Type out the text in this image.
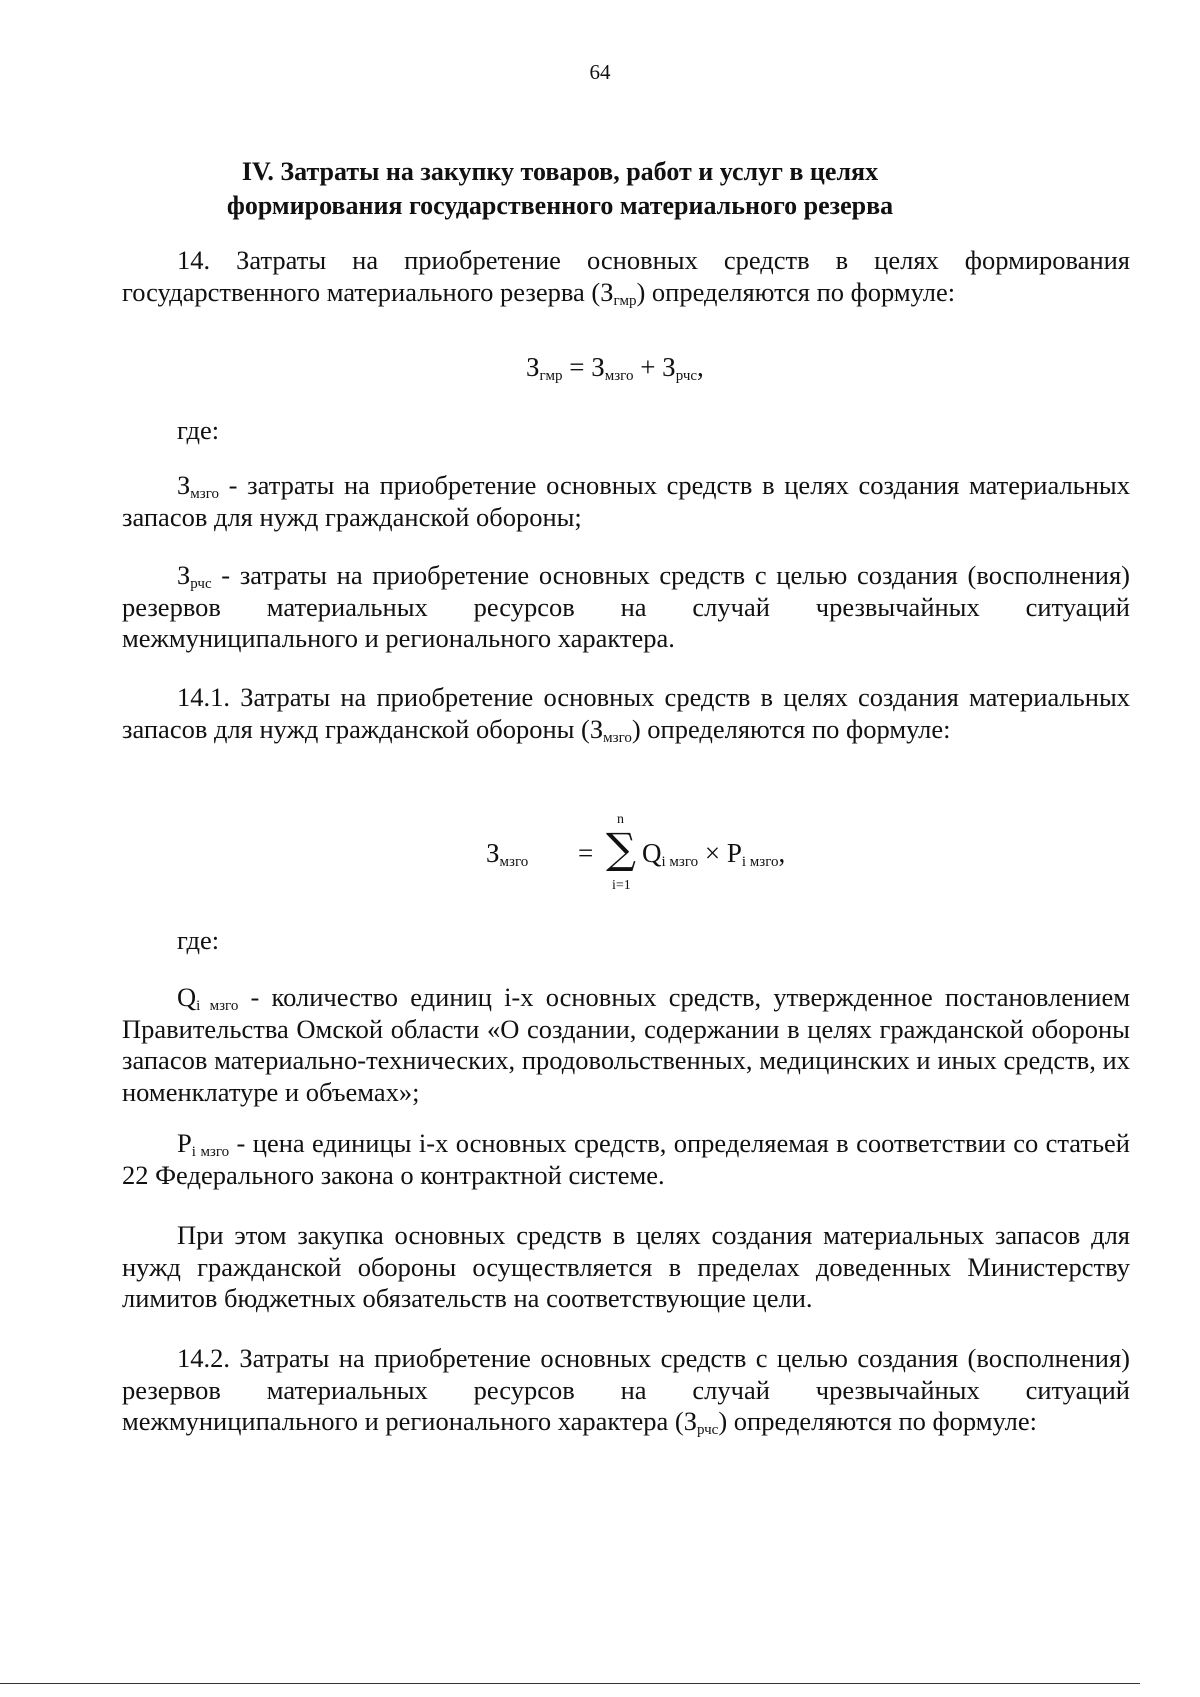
64
IV. Затраты на закупку товаров, работ и услуг в целях
формирования государственного материального резерва

14. Затраты на приобретение основных средств в целях формирования государственного материального резерва $(З_{гмр})$ определяются по формуле:

$З_{гмр} = З_{мзго} + З_{рчс}$,
где:

$З_{мзго}$ - затраты на приобретение основных средств в целях создания материальных запасов для нужд гражданской обороны;

$З_{рчс}$ - затраты на приобретение основных средств с целью создания (восполнения) резервов материальных ресурсов на случай чрезвычайных ситуаций межмуниципального и регионального характера.

14.1. Затраты на приобретение основных средств в целях создания материальных запасов для нужд гражданской обороны $(З_{мзго})$ определяются по формуле:

$З_{мзго}$ =
n
∑
i=1
$Q_{i мзго} \times P_{i мзго}$,
где:

$Q_{i мзго}$ - количество единиц i-х основных средств, утвержденное постановлением Правительства Омской области «О создании, содержании в целях гражданской обороны запасов материально-технических, продовольственных, медицинских и иных средств, их номенклатуре и объемах»;

$P_{i мзго}$ - цена единицы i-х основных средств, определяемая в соответствии со статьей 22 Федерального закона о контрактной системе.

При этом закупка основных средств в целях создания материальных запасов для нужд гражданской обороны осуществляется в пределах доведенных Министерству лимитов бюджетных обязательств на соответствующие цели.

14.2. Затраты на приобретение основных средств с целью создания (восполнения) резервов материальных ресурсов на случай чрезвычайных ситуаций межмуниципального и регионального характера $(З_{рчс})$ определяются по формуле:
